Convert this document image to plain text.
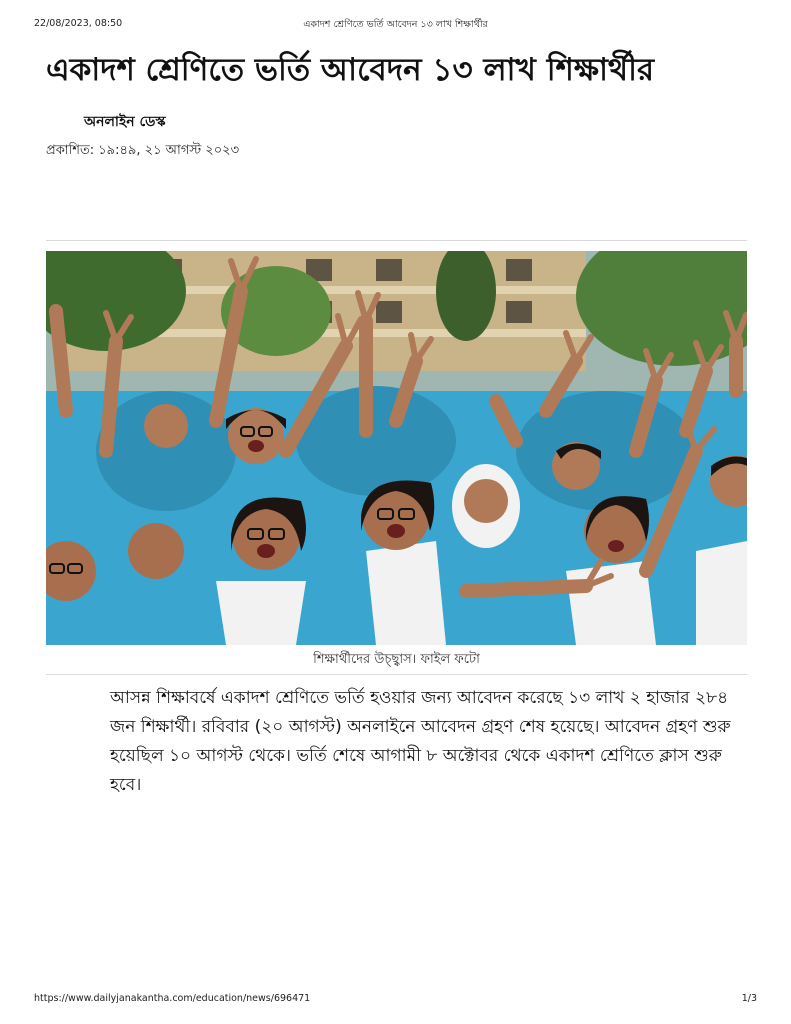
22/08/2023, 08:50	একাদশ শ্রেণিতে ভর্তি আবেদন ১৩ লাখ শিক্ষার্থীর
একাদশ শ্রেণিতে ভর্তি আবেদন ১৩ লাখ শিক্ষার্থীর
অনলাইন ডেস্ক
প্রকাশিত: ১৯:৪৯, ২১ আগস্ট ২০২৩
শিক্ষার্থীদের উচ্ছ্বাস। ফাইল ফটো

আসন্ন শিক্ষাবর্ষে একাদশ শ্রেণিতে ভর্তি হওয়ার জন্য আবেদন করেছে ১৩ লাখ ২ হাজার ২৮৪ জন শিক্ষার্থী। রবিবার (২০ আগস্ট) অনলাইনে আবেদন গ্রহণ শেষ হয়েছে। আবেদন গ্রহণ শুরু হয়েছিল ১০ আগস্ট থেকে। ভর্তি শেষে আগামী ৮ অক্টোবর থেকে একাদশ শ্রেণিতে ক্লাস শুরু হবে।

https://www.dailyjanakantha.com/education/news/696471	1/3
